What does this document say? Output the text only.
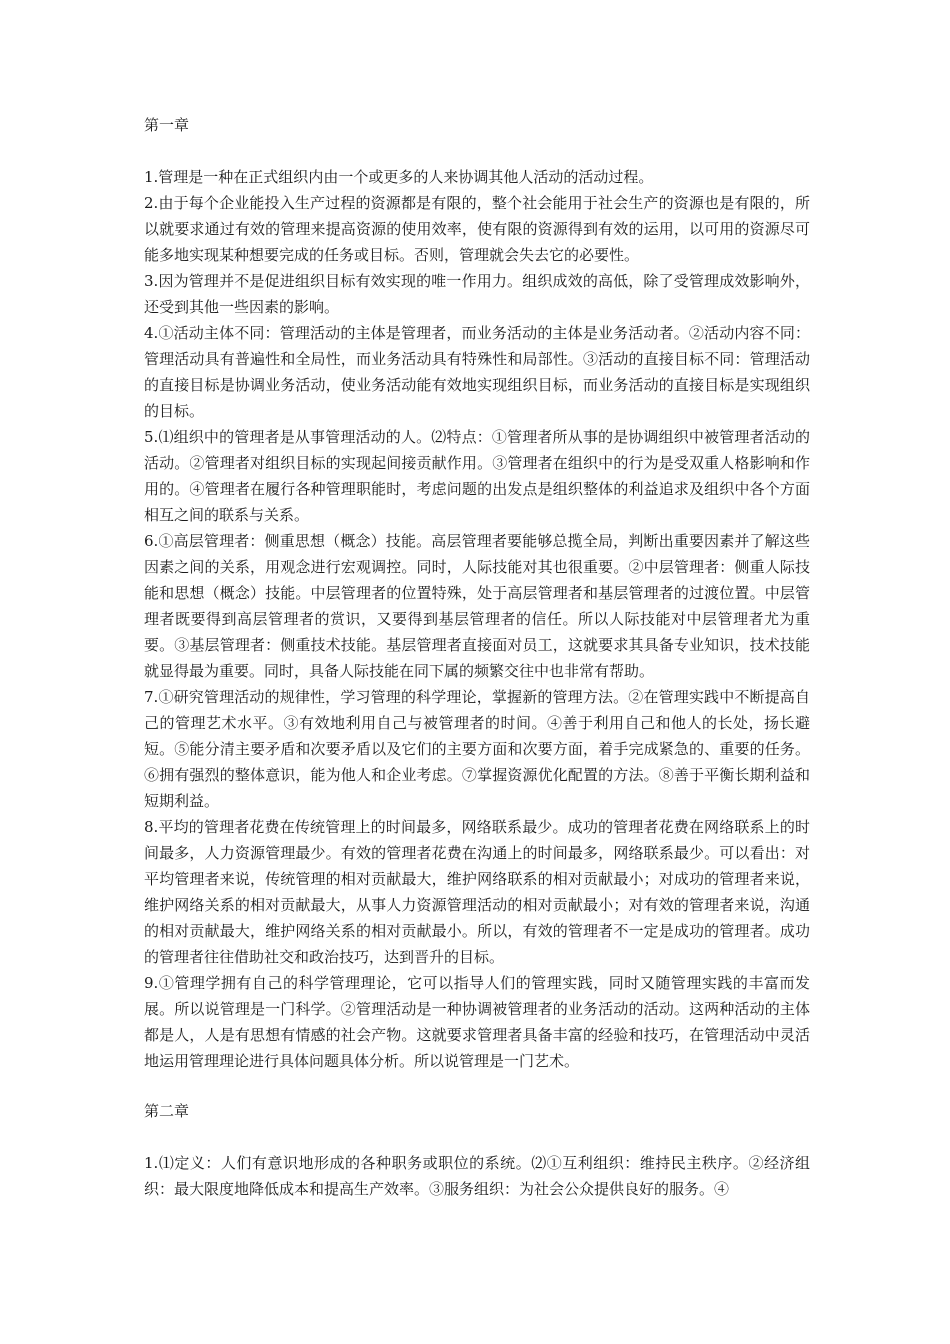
第一章

1.管理是一种在正式组织内由一个或更多的人来协调其他人活动的活动过程。

2.由于每个企业能投入生产过程的资源都是有限的，整个社会能用于社会生产的资源也是有限的，所以就要求通过有效的管理来提高资源的使用效率，使有限的资源得到有效的运用，以可用的资源尽可能多地实现某种想要完成的任务或目标。否则，管理就会失去它的必要性。

3.因为管理并不是促进组织目标有效实现的唯一作用力。组织成效的高低，除了受管理成效影响外，还受到其他一些因素的影响。

4.①活动主体不同：管理活动的主体是管理者，而业务活动的主体是业务活动者。②活动内容不同：管理活动具有普遍性和全局性，而业务活动具有特殊性和局部性。③活动的直接目标不同：管理活动的直接目标是协调业务活动，使业务活动能有效地实现组织目标，而业务活动的直接目标是实现组织的目标。

5.⑴组织中的管理者是从事管理活动的人。⑵特点：①管理者所从事的是协调组织中被管理者活动的活动。②管理者对组织目标的实现起间接贡献作用。③管理者在组织中的行为是受双重人格影响和作用的。④管理者在履行各种管理职能时，考虑问题的出发点是组织整体的利益追求及组织中各个方面相互之间的联系与关系。

6.①高层管理者：侧重思想（概念）技能。高层管理者要能够总揽全局，判断出重要因素并了解这些因素之间的关系，用观念进行宏观调控。同时，人际技能对其也很重要。②中层管理者：侧重人际技能和思想（概念）技能。中层管理者的位置特殊，处于高层管理者和基层管理者的过渡位置。中层管理者既要得到高层管理者的赏识，又要得到基层管理者的信任。所以人际技能对中层管理者尤为重要。③基层管理者：侧重技术技能。基层管理者直接面对员工，这就要求其具备专业知识，技术技能就显得最为重要。同时，具备人际技能在同下属的频繁交往中也非常有帮助。

7.①研究管理活动的规律性，学习管理的科学理论，掌握新的管理方法。②在管理实践中不断提高自己的管理艺术水平。③有效地利用自己与被管理者的时间。④善于利用自己和他人的长处，扬长避短。⑤能分清主要矛盾和次要矛盾以及它们的主要方面和次要方面，着手完成紧急的、重要的任务。⑥拥有强烈的整体意识，能为他人和企业考虑。⑦掌握资源优化配置的方法。⑧善于平衡长期利益和短期利益。

8.平均的管理者花费在传统管理上的时间最多，网络联系最少。成功的管理者花费在网络联系上的时间最多，人力资源管理最少。有效的管理者花费在沟通上的时间最多，网络联系最少。可以看出：对平均管理者来说，传统管理的相对贡献最大，维护网络联系的相对贡献最小；对成功的管理者来说，维护网络关系的相对贡献最大，从事人力资源管理活动的相对贡献最小；对有效的管理者来说，沟通的相对贡献最大，维护网络关系的相对贡献最小。所以，有效的管理者不一定是成功的管理者。成功的管理者往往借助社交和政治技巧，达到晋升的目标。

9.①管理学拥有自己的科学管理理论，它可以指导人们的管理实践，同时又随管理实践的丰富而发展。所以说管理是一门科学。②管理活动是一种协调被管理者的业务活动的活动。这两种活动的主体都是人，人是有思想有情感的社会产物。这就要求管理者具备丰富的经验和技巧，在管理活动中灵活地运用管理理论进行具体问题具体分析。所以说管理是一门艺术。

第二章

1.⑴定义：人们有意识地形成的各种职务或职位的系统。⑵①互利组织：维持民主秩序。②经济组织：最大限度地降低成本和提高生产效率。③服务组织：为社会公众提供良好的服务。④
